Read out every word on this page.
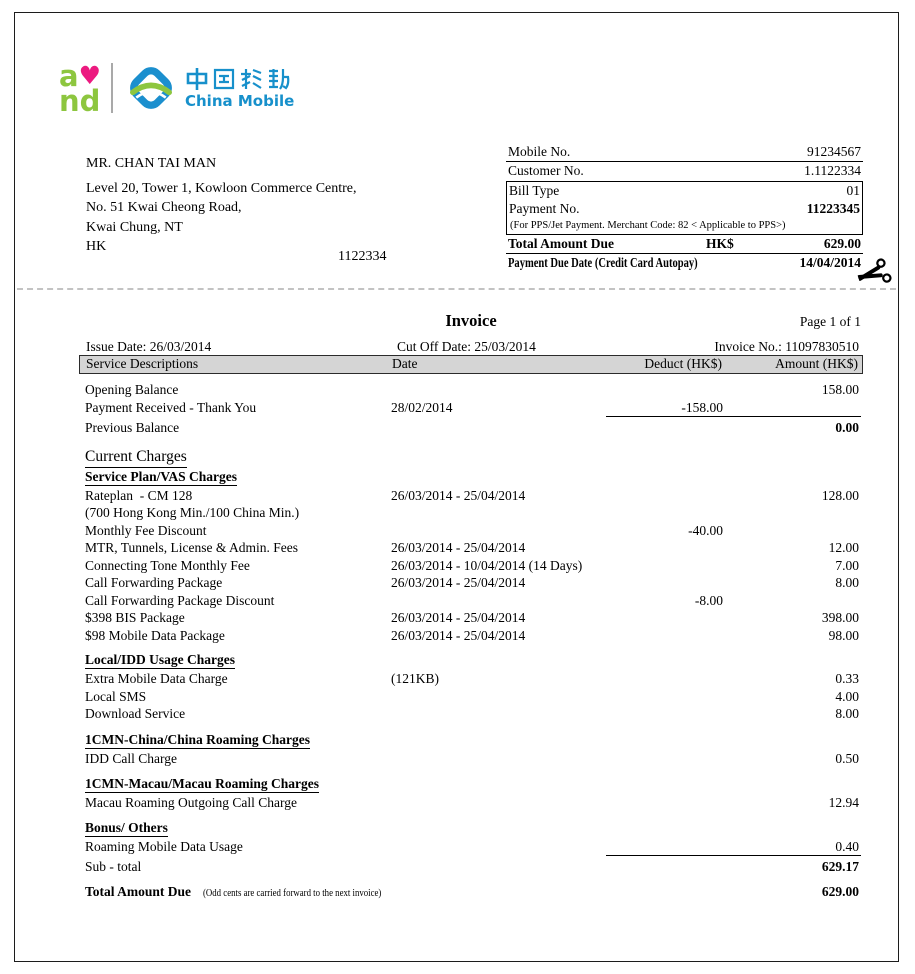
a♥
nd	China Mobile
MR. CHAN TAI MAN
Level 20, Tower 1, Kowloon Commerce Centre,
No. 51 Kwai Cheong Road,
Kwai Chung, NT
HK
1122334
Mobile No.	91234567
Customer No.	1.1122334
Bill Type	01
Payment No.	11223345
(For PPS/Jet Payment. Merchant Code: 82 < Applicable to PPS>)
Total Amount Due	HK$	629.00
Payment Due Date (Credit Card Autopay)	14/04/2014
Invoice	Page 1 of 1
Issue Date: 26/03/2014	Cut Off Date: 25/03/2014	Invoice No.: 11097830510
Service Descriptions	Date	Deduct (HK$)	Amount (HK$)
Opening Balance	158.00
Payment Received - Thank You	28/02/2014	-158.00
Previous Balance	0.00
Current Charges
Service Plan/VAS Charges
Rateplan  - CM 128	26/03/2014 - 25/04/2014	128.00
(700 Hong Kong Min./100 China Min.)
Monthly Fee Discount	-40.00
MTR, Tunnels, License & Admin. Fees	26/03/2014 - 25/04/2014	12.00
Connecting Tone Monthly Fee	26/03/2014 - 10/04/2014 (14 Days)	7.00
Call Forwarding Package	26/03/2014 - 25/04/2014	8.00
Call Forwarding Package Discount	-8.00
$398 BIS Package	26/03/2014 - 25/04/2014	398.00
$98 Mobile Data Package	26/03/2014 - 25/04/2014	98.00
Local/IDD Usage Charges
Extra Mobile Data Charge	(121KB)	0.33
Local SMS	4.00
Download Service	8.00
1CMN-China/China Roaming Charges
IDD Call Charge	0.50
1CMN-Macau/Macau Roaming Charges
Macau Roaming Outgoing Call Charge	12.94
Bonus/ Others
Roaming Mobile Data Usage	0.40
Sub - total	629.17
Total Amount Due (Odd cents are carried forward to the next invoice)	629.00
